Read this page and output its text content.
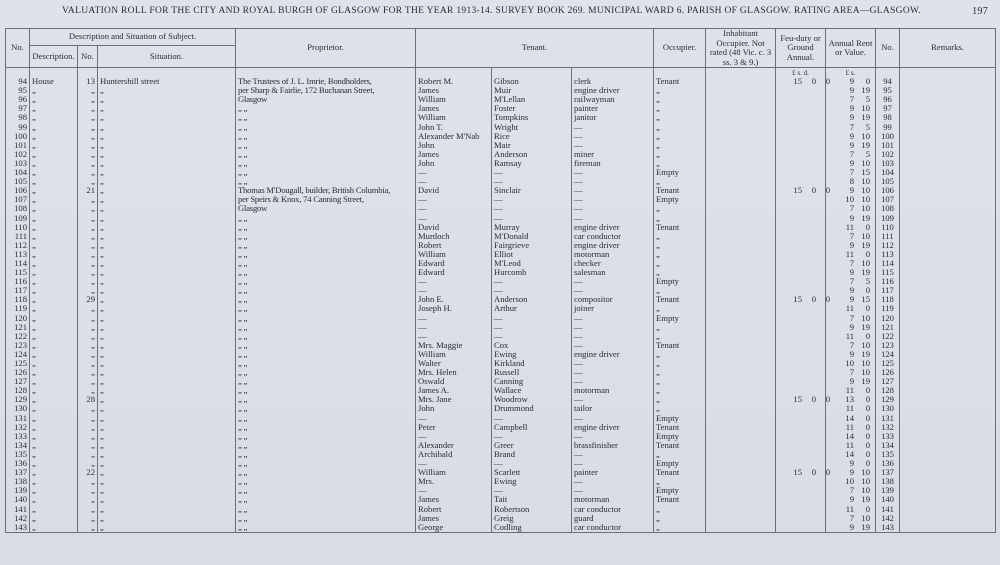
VALUATION ROLL FOR THE CITY AND ROYAL BURGH OF GLASGOW FOR THE YEAR 1913-14. SURVEY BOOK 269. MUNICIPAL WARD 6. PARISH OF GLASGOW. RATING AREA—GLASGOW.	197
No.	Description and Situation of Subject.			Proprietor.	Tenant.			Occupier.	Inhabitant Occupier. Not rated (48 Vic. c. 3 ss. 3 & 9.)	Feu-duty or Ground Annual.	Annual Rent or Value.	No.	Remarks.
	Description.	No.	Situation.										
										£ s. d.	£ s.		
94	House	13	Huntershill street	The Trustees of J. L. Imrie, Bondholders,	Robert M.	Gibson	clerk	Tenant		15 0 0	9 0	94	
95	„	„	„	per Sharp & Fairlie, 172 Buchanan Street,	James	Muir	engine driver	„			9 19	95	
96	„	„	„	Glasgow	William	M'Lellan	railwayman	„			7 5	96	
97	„	„	„	„ „	James	Foster	painter	„			9 10	97	
98	„	„	„	„ „	William	Tompkins	janitor	„			9 19	98	
99	„	„	„	„ „	John T.	Wright	—	„			7 5	99	
100	„	„	„	„ „	Alexander M'Nab	Rice	—	„			9 10	100	
101	„	„	„	„ „	John	Mair	—	„			9 19	101	
102	„	„	„	„ „	James	Anderson	miner	„			7 5	102	
103	„	„	„	„ „	John	Ramsay	fireman	„			9 10	103	
104	„	„	„	„ „	—	—	—	Empty			7 15	104	
105	„	„	„	„ „	—	—	—	„			8 10	105	
106	„	21	„	Thomas M'Dougall, builder, British Columbia,	David	Sinclair	—	Tenant		15 0 0	9 10	106	
107	„	„	„	per Speirs & Knox, 74 Canning Street,	—	—	—	Empty			10 10	107	
108	„	„	„	Glasgow	—	—	—	„			7 10	108	
109	„	„	„	„ „	—	—	—	„			9 19	109	
110	„	„	„	„ „	David	Murray	engine driver	Tenant			11 0	110	
111	„	„	„	„ „	Murdoch	M'Donald	car conductor	„			7 10	111	
112	„	„	„	„ „	Robert	Fairgrieve	engine driver	„			9 19	112	
113	„	„	„	„ „	William	Elliot	motorman	„			11 0	113	
114	„	„	„	„ „	Edward	M'Leod	checker	„			7 10	114	
115	„	„	„	„ „	Edward	Hurcomb	salesman	„			9 19	115	
116	„	„	„	„ „	—	—	—	Empty			7 5	116	
117	„	„	„	„ „	—	—	—	„			9 0	117	
118	„	29	„	„ „	John E.	Anderson	compositor	Tenant		15 0 0	9 15	118	
119	„	„	„	„ „	Joseph H.	Arthur	joiner	„			11 0	119	
120	„	„	„	„ „	—	—	—	Empty			7 10	120	
121	„	„	„	„ „	—	—	—	„			9 19	121	
122	„	„	„	„ „	—	—	—	„			11 0	122	
123	„	„	„	„ „	Mrs. Maggie	Cox	—	Tenant			7 10	123	
124	„	„	„	„ „	William	Ewing	engine driver	„			9 19	124	
125	„	„	„	„ „	Walter	Kirkland	—	„			10 10	125	
126	„	„	„	„ „	Mrs. Helen	Russell	—	„			7 10	126	
127	„	„	„	„ „	Oswald	Canning	—	„			9 19	127	
128	„	„	„	„ „	James A.	Wallace	motorman	„			11 0	128	
129	„	28	„	„ „	Mrs. Jane	Woodrow	—	„		15 0 0	13 0	129	
130	„	„	„	„ „	John	Drummond	tailor	„			11 0	130	
131	„	„	„	„ „	—	—	—	Empty			14 0	131	
132	„	„	„	„ „	Peter	Campbell	engine driver	Tenant			11 0	132	
133	„	„	„	„ „	—	—	—	Empty			14 0	133	
134	„	„	„	„ „	Alexander	Greer	brassfinisher	Tenant			11 0	134	
135	„	„	„	„ „	Archibald	Brand	—	„			14 0	135	
136	„	„	„	„ „	—	—	—	Empty			9 0	136	
137	„	22	„	„ „	William	Scarlett	painter	Tenant		15 0 0	9 10	137	
138	„	„	„	„ „	Mrs.	Ewing	—	„			10 10	138	
139	„	„	„	„ „	—	—	—	Empty			7 10	139	
140	„	„	„	„ „	James	Tait	motorman	Tenant			9 19	140	
141	„	„	„	„ „	Robert	Robertson	car conductor	„			11 0	141	
142	„	„	„	„ „	James	Greig	guard	„			7 10	142	
143	„	„	„	„ „	George	Codling	car conductor	„			9 19	143	
